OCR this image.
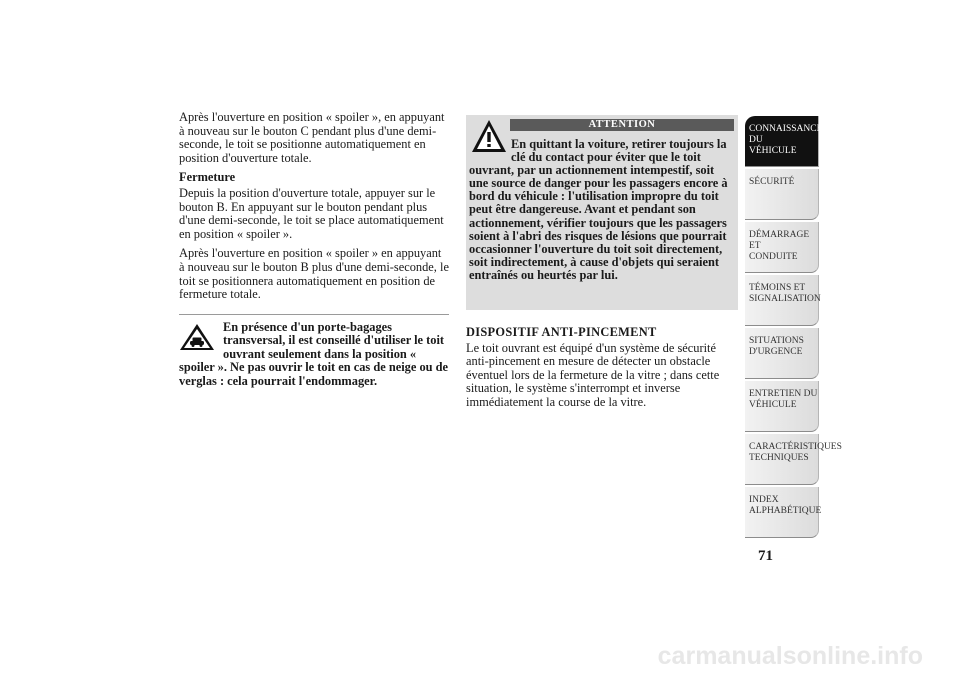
Après l'ouverture en position « spoiler », en appuyant à nouveau sur le bouton C pendant plus d'une demi-seconde, le toit se positionne automatiquement en position d'ouverture totale.

Fermeture

Depuis la position d'ouverture totale, appuyer sur le bouton B. En appuyant sur le bouton pendant plus d'une demi-seconde, le toit se place automatiquement en position « spoiler ».

Après l'ouverture en position « spoiler » en appuyant à nouveau sur le bouton B plus d'une demi-seconde, le toit se positionnera automatiquement en position de fermeture totale.

En présence d'un porte-bagages transversal, il est conseillé d'utiliser le toit ouvrant seulement dans la position « spoiler ». Ne pas ouvrir le toit en cas de neige ou de verglas : cela pourrait l'endommager.
ATTENTION
En quittant la voiture, retirer toujours la clé du contact pour éviter que le toit ouvrant, par un actionnement intempestif, soit une source de danger pour les passagers encore à bord du véhicule : l'utilisation impropre du toit peut être dangereuse. Avant et pendant son actionnement, vérifier toujours que les passagers soient à l'abri des risques de lésions que pourrait occasionner l'ouverture du toit soit directement, soit indirectement, à cause d'objets qui seraient entraînés ou heurtés par lui.
DISPOSITIF ANTI-PINCEMENT

Le toit ouvrant est équipé d'un système de sécurité anti-pincement en mesure de détecter un obstacle éventuel lors de la fermeture de la vitre ; dans cette situation, le système s'interrompt et inverse immédiatement la course de la vitre.

CONNAISSANCE DU
VÉHICULE
SÉCURITÉ
DÉMARRAGE ET
CONDUITE
TÉMOINS ET
SIGNALISATION
SITUATIONS
D'URGENCE
ENTRETIEN DU
VÉHICULE
CARACTÉRISTIQUES
TECHNIQUES
INDEX
ALPHABÉTIQUE
71
carmanualsonline.info
